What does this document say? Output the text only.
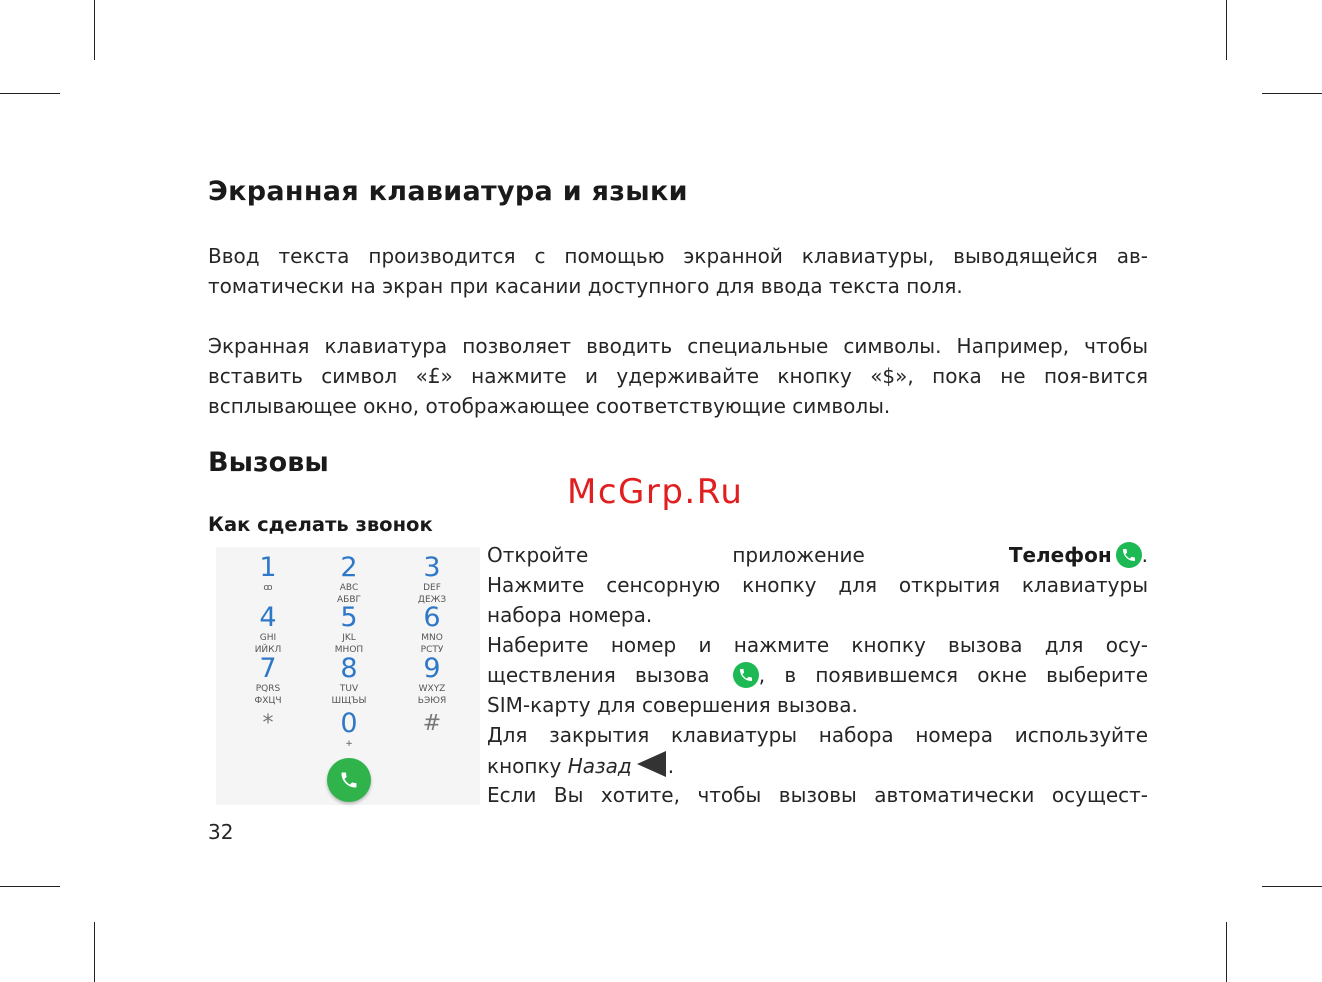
Экранная клавиатура и языки
Ввод текста производится с помощью экранной клавиатуры, выводящейся ав-томатически на экран при касании доступного для ввода текста поля.
Экранная клавиатура позволяет вводить специальные символы. Например, чтобы вставить символ «£» нажмите и удерживайте кнопку «$», пока не поя-вится всплывающее окно, отображающее соответствующие символы.
Вызовы
McGrp.Ru
Как сделать звонок
1
ꝏ
2
ABC
АБВГ
3
DEF
ДЕЖЗ
4
GHI
ИЙКЛ
5
JKL
МНОП
6
MNO
РСТУ
7
PQRS
ФХЦЧ
8
TUV
ШЩЪЫ
9
WXYZ
ЬЭЮЯ
*	0
+
#
Откройте приложение Телефон .
Нажмите сенсорную кнопку для открытия клавиатуры
набора номера.
Наберите номер и нажмите кнопку вызова для осу-
ществления вызова
, в появившемся окне выберите
SIM-карту для совершения вызова.
Для закрытия клавиатуры набора номера используйте
кнопку Назад .
Если Вы хотите, чтобы вызовы автоматически осущест-
32
